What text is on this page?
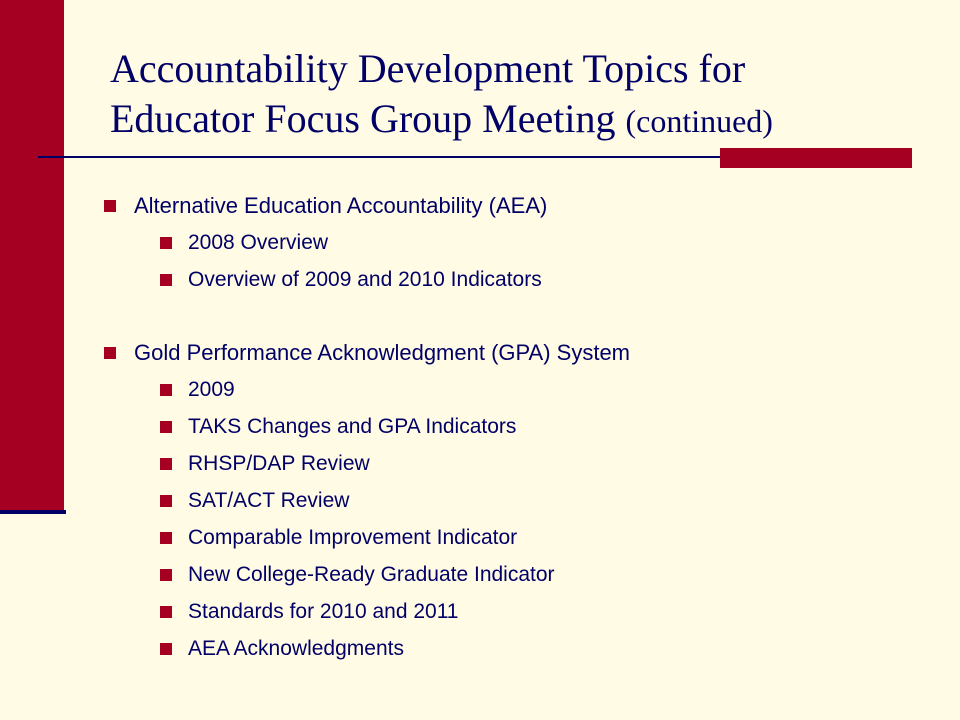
Accountability Development Topics for
Educator Focus Group Meeting (continued)
Alternative Education Accountability (AEA)
2008 Overview
Overview of 2009 and 2010 Indicators
Gold Performance Acknowledgment (GPA) System
2009
TAKS Changes and GPA Indicators
RHSP/DAP Review
SAT/ACT Review
Comparable Improvement Indicator
New College-Ready Graduate Indicator
Standards for 2010 and 2011
AEA Acknowledgments
